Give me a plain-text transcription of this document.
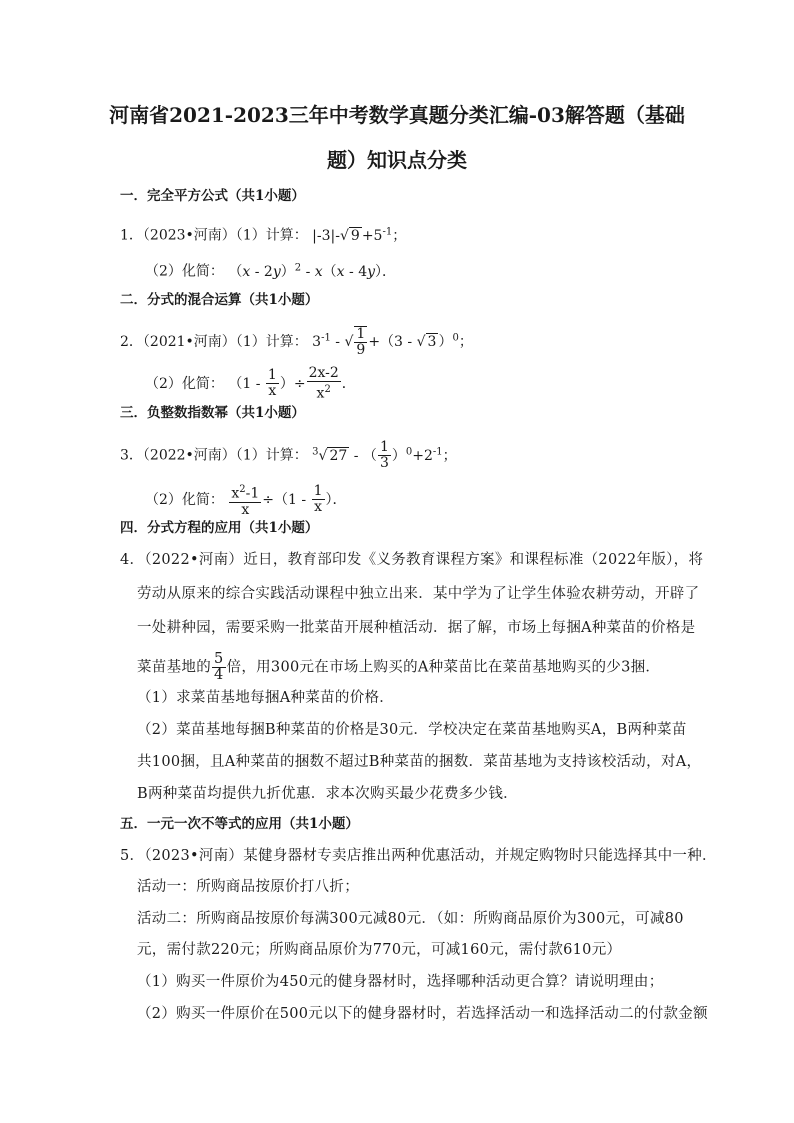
河南省2021-2023三年中考数学真题分类汇编-03解答题（基础
题）知识点分类
一．完全平方公式（共1小题）
1．（2023•河南）（1）计算： |-3|-√ $9 +5^{-1}$；
（2）化简： （x - 2y）$^2$ - x（x - 4y）．
二．分式的混合运算（共1小题）
2．（2021•河南）（1）计算： $3^{-1}$ - √ $\frac{1}{9} +(3$ - √ 3 ）$^0$；
（2）化简： （$1 - \frac{1}{x}$ ）÷ $\frac{2x-2}{x^2}$ ．
三．负整数指数幂（共1小题）
3．（2022•河南）（1）计算： $^3$√ 27 - （ $\frac{1}{3} )^0+2^{-1}$；
（2）化简： $\frac{x^2-1}{x} \div(1 - \frac{1}{x}$ ）．
四．分式方程的应用（共1小题）
4．（2022•河南）近日，教育部印发《义务教育课程方案》和课程标准（2022年版），将
劳动从原来的综合实践活动课程中独立出来．某中学为了让学生体验农耕劳动，开辟了
一处耕种园，需要采购一批菜苗开展种植活动．据了解，市场上每捆A种菜苗的价格是
菜苗基地的 $\frac{5}{4}$ 倍，用300元在市场上购买的A种菜苗比在菜苗基地购买的少3捆．
（1）求菜苗基地每捆A种菜苗的价格．
（2）菜苗基地每捆B种菜苗的价格是30元．学校决定在菜苗基地购买A，B两种菜苗
共100捆，且A种菜苗的捆数不超过B种菜苗的捆数．菜苗基地为支持该校活动，对A，
B两种菜苗均提供九折优惠．求本次购买最少花费多少钱．
五．一元一次不等式的应用（共1小题）
5．（2023•河南）某健身器材专卖店推出两种优惠活动，并规定购物时只能选择其中一种．
活动一：所购商品按原价打八折；
活动二：所购商品按原价每满300元减80元．（如：所购商品原价为300元，可减80
元，需付款220元；所购商品原价为770元，可减160元，需付款610元）
（1）购买一件原价为450元的健身器材时，选择哪种活动更合算？请说明理由；
（2）购买一件原价在500元以下的健身器材时，若选择活动一和选择活动二的付款金额
